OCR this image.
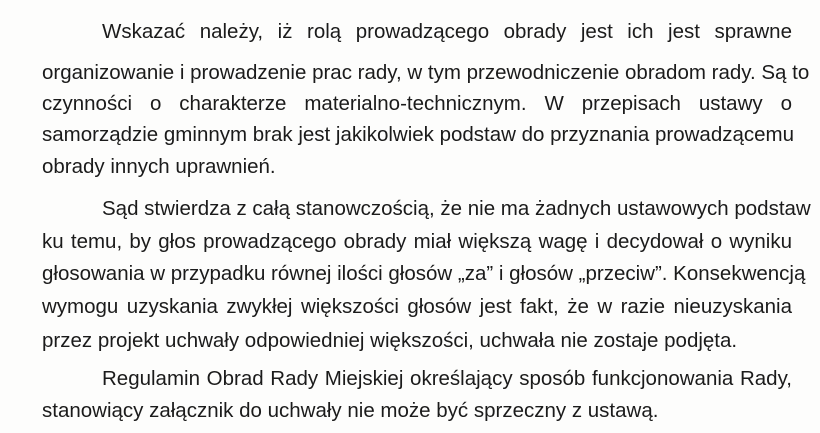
Wskazać należy, iż rolą prowadzącego obrady jest ich jest sprawne
organizowanie i prowadzenie prac rady, w tym przewodniczenie obradom rady. Są to
czynności o charakterze materialno-technicznym. W przepisach ustawy o
samorządzie gminnym brak jest jakikolwiek podstaw do przyznania prowadzącemu
obrady innych uprawnień.
Sąd stwierdza z całą stanowczością, że nie ma żadnych ustawowych podstaw
ku temu, by głos prowadzącego obrady miał większą wagę i decydował o wyniku
głosowania w przypadku równej ilości głosów „za” i głosów „przeciw”. Konsekwencją
wymogu uzyskania zwykłej większości głosów jest fakt, że w razie nieuzyskania
przez projekt uchwały odpowiedniej większości, uchwała nie zostaje podjęta.
Regulamin Obrad Rady Miejskiej określający sposób funkcjonowania Rady,
stanowiący załącznik do uchwały nie może być sprzeczny z ustawą.
